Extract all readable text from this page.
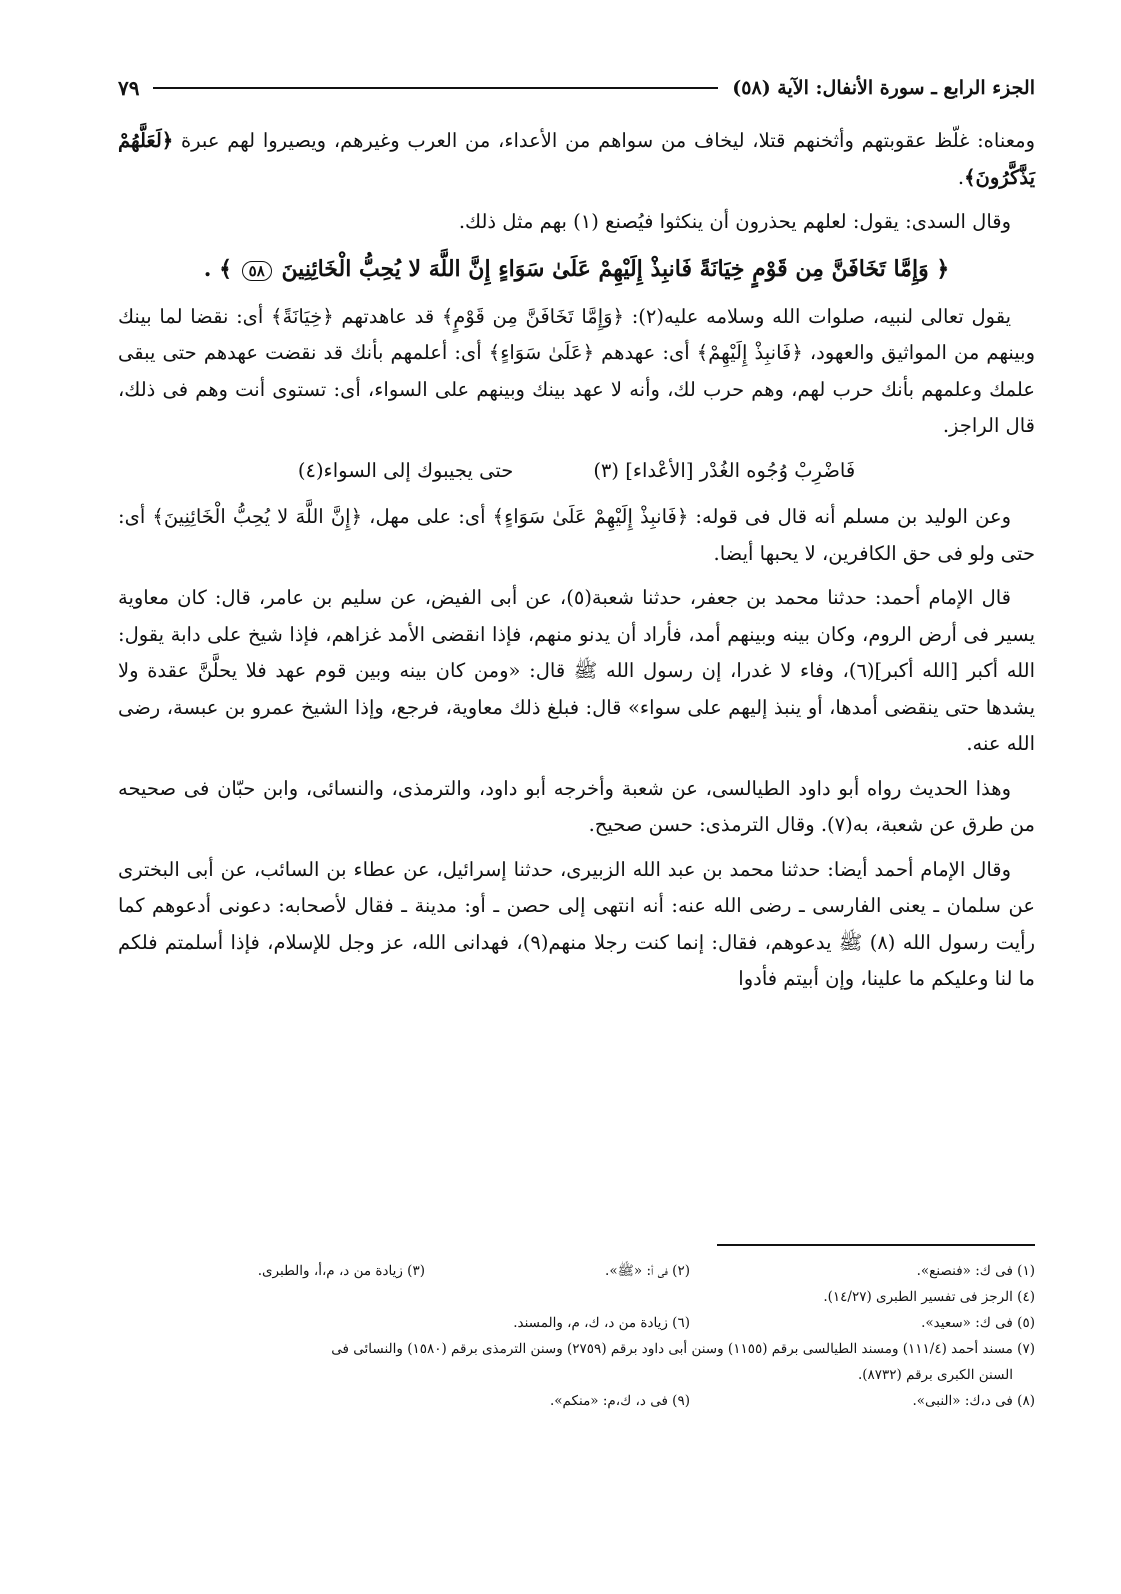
الجزء الرابع ـ سورة الأنفال: الآية (٥٨)
٧٩

ومعناه: غلّظ عقوبتهم وأثخنهم قتلا، ليخاف من سواهم من الأعداء، من العرب وغيرهم، ويصيروا لهم عبرة ﴿لَعَلَّهُمْ يَذَّكَّرُونَ﴾.

وقال السدى: يقول: لعلهم يحذرون أن ينكثوا فيُصنع (١) بهم مثل ذلك.

﴿ وَإِمَّا تَخَافَنَّ مِن قَوْمٍ خِيَانَةً فَانبِذْ إِلَيْهِمْ عَلَىٰ سَوَاءٍ إِنَّ اللَّهَ لا يُحِبُّ الْخَائِنِينَ ٥٨ ﴾ .

يقول تعالى لنبيه، صلوات الله وسلامه عليه(٢): ﴿وَإِمَّا تَخَافَنَّ مِن قَوْمٍ﴾ قد عاهدتهم ﴿خِيَانَةً﴾ أى: نقضا لما بينك وبينهم من المواثيق والعهود، ﴿فَانبِذْ إِلَيْهِمْ﴾ أى: عهدهم ﴿عَلَىٰ سَوَاءٍ﴾ أى: أعلمهم بأنك قد نقضت عهدهم حتى يبقى علمك وعلمهم بأنك حرب لهم، وهم حرب لك، وأنه لا عهد بينك وبينهم على السواء، أى: تستوى أنت وهم فى ذلك، قال الراجز.

فَاضْرِبْ وُجُوه الغُدْر [الأعْداء] (٣)
حتى يجيبوك إلى السواء(٤)

وعن الوليد بن مسلم أنه قال فى قوله: ﴿فَانبِذْ إِلَيْهِمْ عَلَىٰ سَوَاءٍ﴾ أى: على مهل، ﴿إِنَّ اللَّهَ لا يُحِبُّ الْخَائِنِينَ﴾ أى: حتى ولو فى حق الكافرين، لا يحبها أيضا.

قال الإمام أحمد: حدثنا محمد بن جعفر، حدثنا شعبة(٥)، عن أبى الفيض، عن سليم بن عامر، قال: كان معاوية يسير فى أرض الروم، وكان بينه وبينهم أمد، فأراد أن يدنو منهم، فإذا انقضى الأمد غزاهم، فإذا شيخ على دابة يقول: الله أكبر [الله أكبر](٦)، وفاء لا غدرا، إن رسول الله ﷺ قال: «ومن كان بينه وبين قوم عهد فلا يحلَّنَّ عقدة ولا يشدها حتى ينقضى أمدها، أو ينبذ إليهم على سواء» قال: فبلغ ذلك معاوية، فرجع، وإذا الشيخ عمرو بن عبسة، رضى الله عنه.

وهذا الحديث رواه أبو داود الطيالسى، عن شعبة وأخرجه أبو داود، والترمذى، والنسائى، وابن حبّان فى صحيحه من طرق عن شعبة، به(٧). وقال الترمذى: حسن صحيح.

وقال الإمام أحمد أيضا: حدثنا محمد بن عبد الله الزبيرى، حدثنا إسرائيل، عن عطاء بن السائب، عن أبى البخترى عن سلمان ـ يعنى الفارسى ـ رضى الله عنه: أنه انتهى إلى حصن ـ أو: مدينة ـ فقال لأصحابه: دعونى أدعوهم كما رأيت رسول الله (٨) ﷺ يدعوهم، فقال: إنما كنت رجلا منهم(٩)، فهدانى الله، عز وجل للإسلام، فإذا أسلمتم فلكم ما لنا وعليكم ما علينا، وإن أبيتم فأدوا

(١) فى ك: «فنصنع».
(٢) فى أ: «ﷺ».
(٣) زيادة من د، م،أ، والطبرى.
(٤) الرجز فى تفسير الطبرى (١٤/٢٧).
(٥) فى ك: «سعيد».
(٦) زيادة من د، ك، م، والمسند.
(٧) مسند أحمد (١١١/٤) ومسند الطيالسى برقم (١١٥٥) وسنن أبى داود برقم (٢٧٥٩) وسنن الترمذى برقم (١٥٨٠) والنسائى فى
السنن الكبرى برقم (٨٧٣٢).
(٨) فى د،ك: «النبى».
(٩) فى د، ك،م: «منكم».
